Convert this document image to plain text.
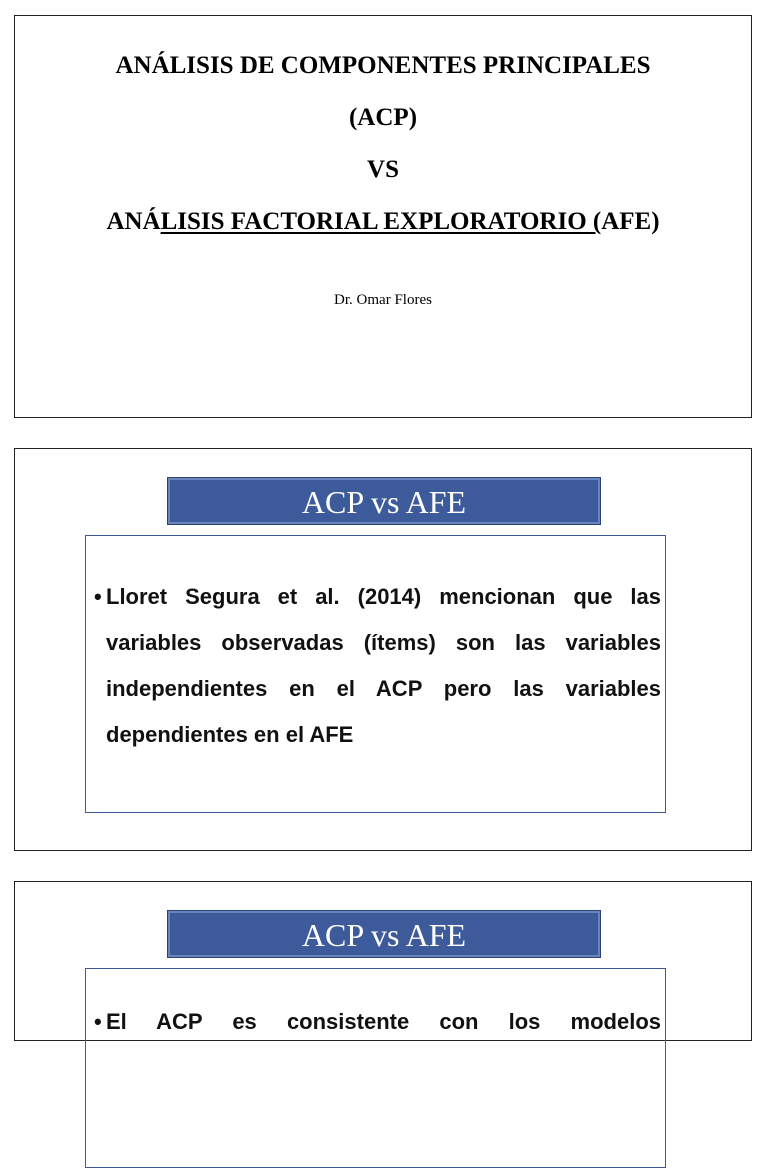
ANÁLISIS DE COMPONENTES PRINCIPALES
(ACP)
VS
ANÁLISIS FACTORIAL EXPLORATORIO (AFE)
Dr. Omar Flores
ACP vs AFE
• Lloret Segura et al. (2014) mencionan que las variables observadas (ítems) son las variables independientes en el ACP pero las variables dependientes en el AFE
ACP vs AFE
• El ACP es consistente con los modelos
